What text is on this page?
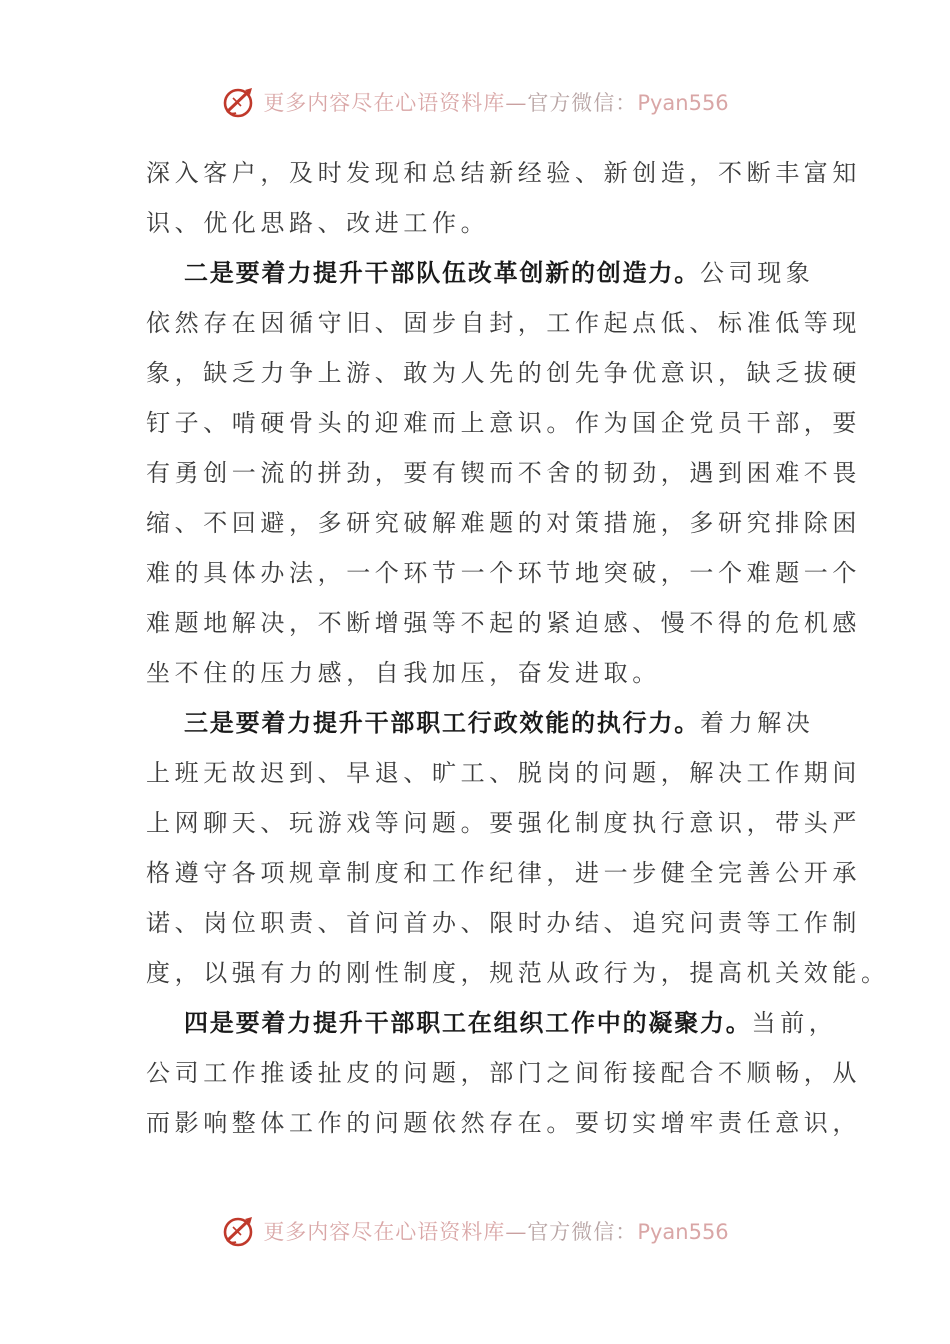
更多内容尽在心语资料库—官方微信：Pyan556
深入客户，及时发现和总结新经验、新创造，不断丰富知
识、优化思路、改进工作。
二是要着力提升干部队伍改革创新的创造力。公司现象
依然存在因循守旧、固步自封，工作起点低、标准低等现
象，缺乏力争上游、敢为人先的创先争优意识，缺乏拔硬
钉子、啃硬骨头的迎难而上意识。作为国企党员干部，要
有勇创一流的拼劲，要有锲而不舍的韧劲，遇到困难不畏
缩、不回避，多研究破解难题的对策措施，多研究排除困
难的具体办法，一个环节一个环节地突破，一个难题一个
难题地解决，不断增强等不起的紧迫感、慢不得的危机感
坐不住的压力感，自我加压，奋发进取。
三是要着力提升干部职工行政效能的执行力。着力解决
上班无故迟到、早退、旷工、脱岗的问题，解决工作期间
上网聊天、玩游戏等问题。要强化制度执行意识，带头严
格遵守各项规章制度和工作纪律，进一步健全完善公开承
诺、岗位职责、首问首办、限时办结、追究问责等工作制
度，以强有力的刚性制度，规范从政行为，提高机关效能。
四是要着力提升干部职工在组织工作中的凝聚力。当前，
公司工作推诿扯皮的问题，部门之间衔接配合不顺畅，从
而影响整体工作的问题依然存在。要切实增牢责任意识，
更多内容尽在心语资料库—官方微信：Pyan556
